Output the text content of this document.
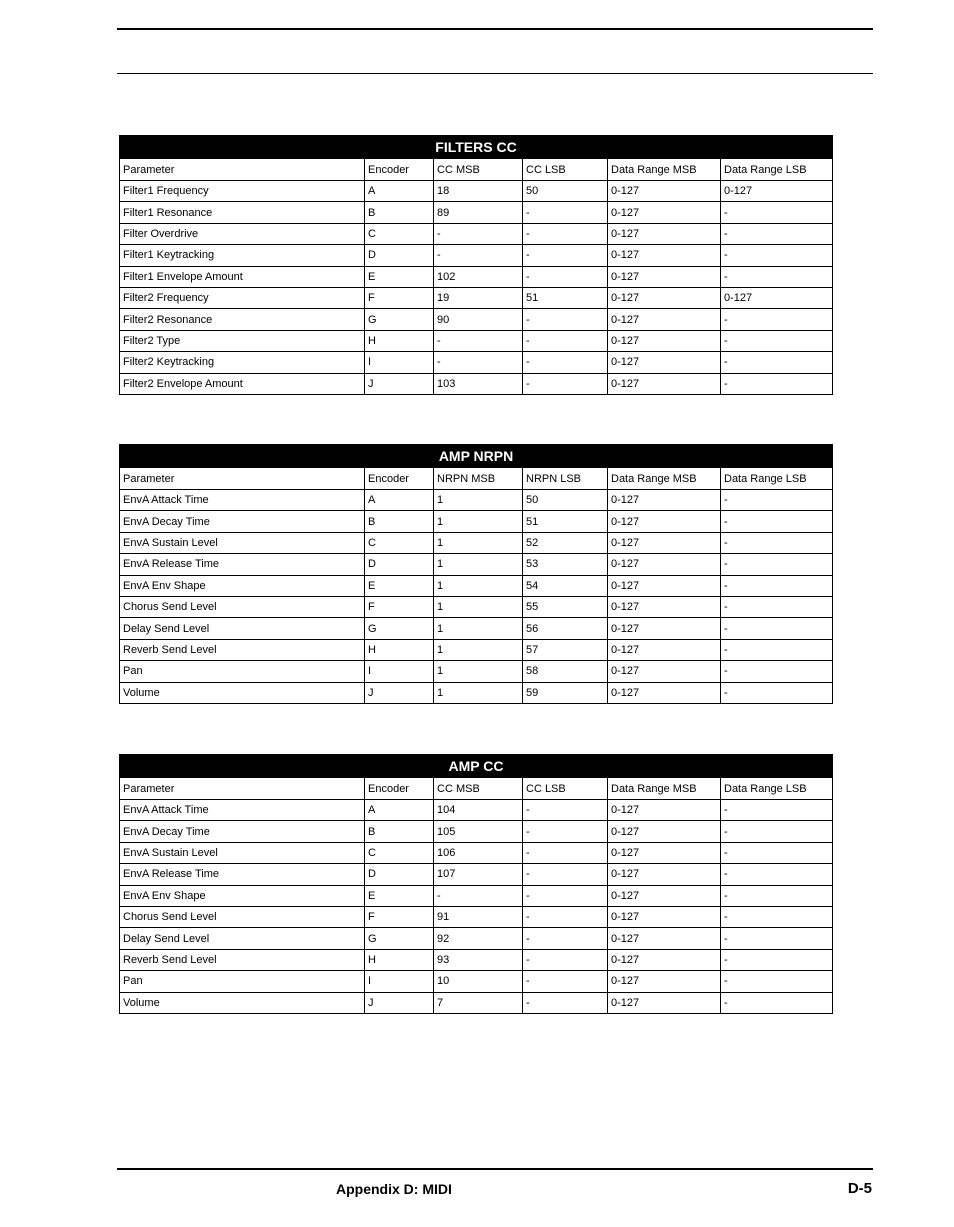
FILTERS CC					
Parameter	Encoder	CC MSB	CC LSB	Data Range MSB	Data Range LSB
Filter1 Frequency	A	18	50	0-127	0-127
Filter1 Resonance	B	89	-	0-127	-
Filter Overdrive	C	-	-	0-127	-
Filter1 Keytracking	D	-	-	0-127	-
Filter1 Envelope Amount	E	102	-	0-127	-
Filter2 Frequency	F	19	51	0-127	0-127
Filter2 Resonance	G	90	-	0-127	-
Filter2 Type	H	-	-	0-127	-
Filter2 Keytracking	I	-	-	0-127	-
Filter2 Envelope Amount	J	103	-	0-127	-
AMP NRPN					
Parameter	Encoder	NRPN MSB	NRPN LSB	Data Range MSB	Data Range LSB
EnvA Attack Time	A	1	50	0-127	-
EnvA Decay Time	B	1	51	0-127	-
EnvA Sustain Level	C	1	52	0-127	-
EnvA Release Time	D	1	53	0-127	-
EnvA Env Shape	E	1	54	0-127	-
Chorus Send Level	F	1	55	0-127	-
Delay Send Level	G	1	56	0-127	-
Reverb Send Level	H	1	57	0-127	-
Pan	I	1	58	0-127	-
Volume	J	1	59	0-127	-
AMP CC					
Parameter	Encoder	CC MSB	CC LSB	Data Range MSB	Data Range LSB
EnvA Attack Time	A	104	-	0-127	-
EnvA Decay Time	B	105	-	0-127	-
EnvA Sustain Level	C	106	-	0-127	-
EnvA Release Time	D	107	-	0-127	-
EnvA Env Shape	E	-	-	0-127	-
Chorus Send Level	F	91	-	0-127	-
Delay Send Level	G	92	-	0-127	-
Reverb Send Level	H	93	-	0-127	-
Pan	I	10	-	0-127	-
Volume	J	7	-	0-127	-
Appendix D: MIDI	D-5
